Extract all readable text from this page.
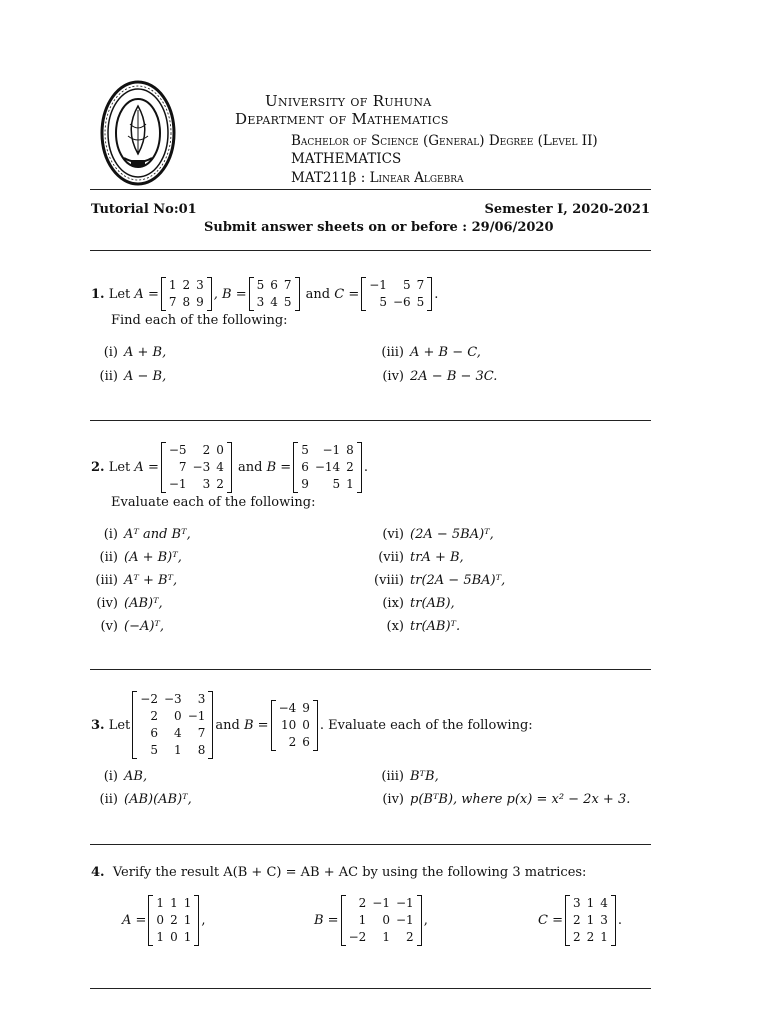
University of Ruhuna
Department of Mathematics
Bachelor of Science (General) Degree (Level II)
MATHEMATICS
MAT211β : Linear Algebra
Tutorial No:01	Semester I, 2020-2021
Submit answer sheets on or before : 29/06/2020
1.
Let
A =
1	2	3
7	8	9
, B =
5	6	7
3	4	5

and
C =
−1	5	7
5	−6	5
.
Find each of the following:
(i) A + B,
(ii) A − B,
(iii) A + B − C,
(iv) 2A − B − 3C.
2.
Let
A =
−5	2	0
7	−3	4
−1	3	2

and
B =
5	−1	8
6	−14	2
9	5	1
.
Evaluate each of the following:
(i) Aᵀ and Bᵀ,
(ii) (A + B)ᵀ,
(iii) Aᵀ + Bᵀ,
(iv) (AB)ᵀ,
(v) (−A)ᵀ,
(vi) (2A − 5BA)ᵀ,
(vii) trA + B,
(viii) tr(2A − 5BA)ᵀ,
(ix) tr(AB),
(x) tr(AB)ᵀ.
3.
Let
−2	−3	3
2	0	−1
6	4	7
5	1	8
and
B =
−4	9
10	0
2	6
. Evaluate each of the following:
(i) AB,
(ii) (AB)(AB)ᵀ,
(iii) BᵀB,
(iv) p(BᵀB), where p(x) = x² − 2x + 3.
4. Verify the result A(B + C) = AB + AC by using the following 3 matrices:
A =
1	1	1
0	2	1
1	0	1
,	B =
2	−1	−1
1	0	−1
−2	1	2
,	C =
3	1	4
2	1	3
2	2	1
.
